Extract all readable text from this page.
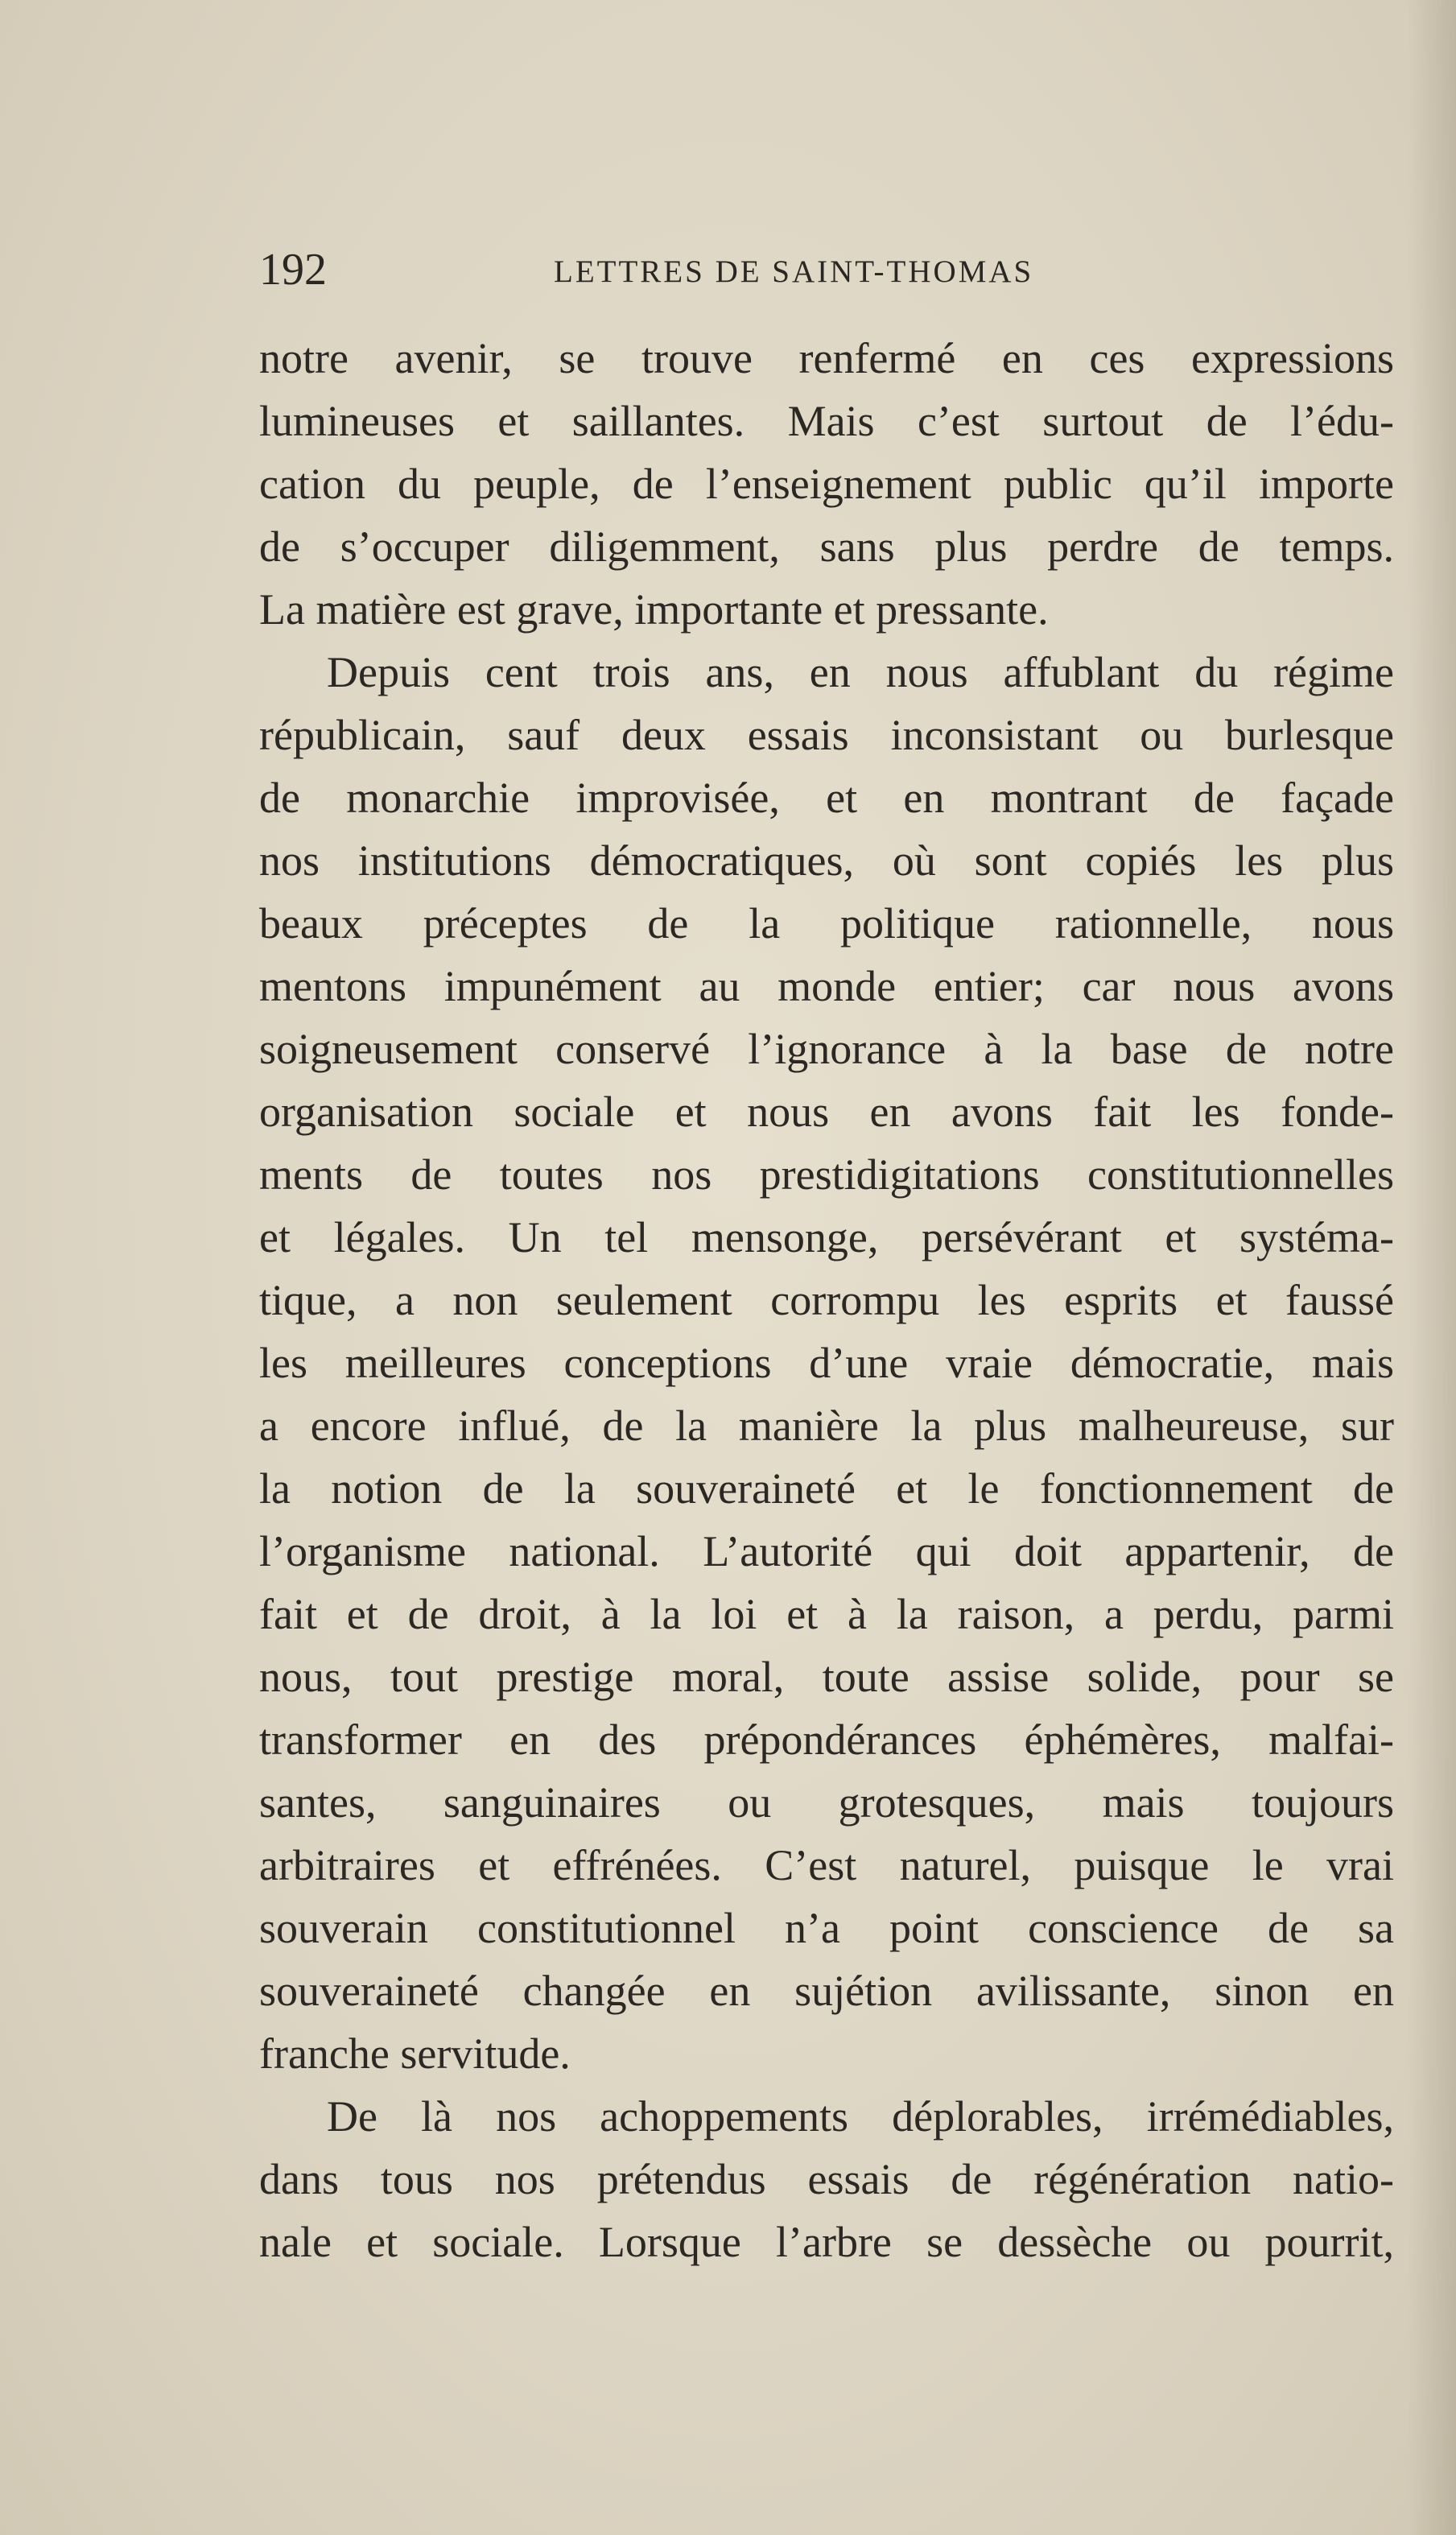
192	LETTRES DE SAINT-THOMAS
notre avenir, se trouve renfermé en ces expressions
lumineuses et saillantes. Mais c’est surtout de l’édu-
cation du peuple, de l’enseignement public qu’il importe
de s’occuper diligemment, sans plus perdre de temps.
La matière est grave, importante et pressante.
Depuis cent trois ans, en nous affublant du régime
républicain, sauf deux essais inconsistant ou burlesque
de monarchie improvisée, et en montrant de façade
nos institutions démocratiques, où sont copiés les plus
beaux préceptes de la politique rationnelle, nous
mentons impunément au monde entier; car nous avons
soigneusement conservé l’ignorance à la base de notre
organisation sociale et nous en avons fait les fonde-
ments de toutes nos prestidigitations constitutionnelles
et légales. Un tel mensonge, persévérant et systéma-
tique, a non seulement corrompu les esprits et faussé
les meilleures conceptions d’une vraie démocratie, mais
a encore influé, de la manière la plus malheureuse, sur
la notion de la souveraineté et le fonctionnement de
l’organisme national. L’autorité qui doit appartenir, de
fait et de droit, à la loi et à la raison, a perdu, parmi
nous, tout prestige moral, toute assise solide, pour se
transformer en des prépondérances éphémères, malfai-
santes, sanguinaires ou grotesques, mais toujours
arbitraires et effrénées. C’est naturel, puisque le vrai
souverain constitutionnel n’a point conscience de sa
souveraineté changée en sujétion avilissante, sinon en
franche servitude.
De là nos achoppements déplorables, irrémédiables,
dans tous nos prétendus essais de régénération natio-
nale et sociale. Lorsque l’arbre se dessèche ou pourrit,
